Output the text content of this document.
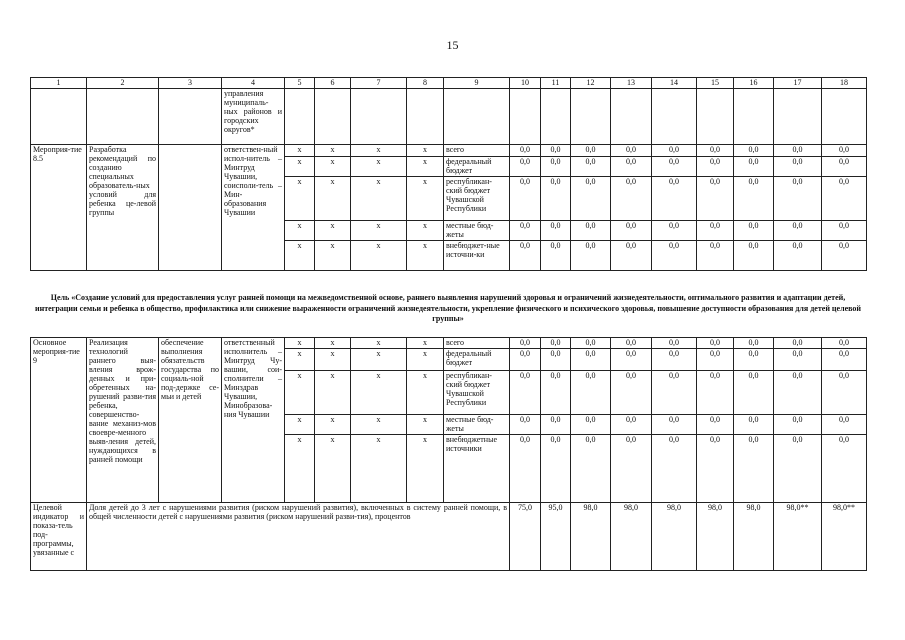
15
1	2	3	4	5	6	7	8	9	10	11	12	13	14	15	16	17	18
			управления муниципаль-ных районов и городских округов*														
Мероприя-тие 8.5	Разработка рекомендаций по созданию специальных образователь-ных условий для ребенка це-левой группы		ответствен-ный испол-нитель – Минтруд Чувашии, соисполи-тель – Мин-образования Чувашии	x	x	x	x	всего	0,0	0,0	0,0	0,0	0,0	0,0	0,0	0,0	0,0
				x	x	x	x	федеральный бюджет	0,0	0,0	0,0	0,0	0,0	0,0	0,0	0,0	0,0
				x	x	x	x	республикан-ский бюджет Чувашской Республики	0,0	0,0	0,0	0,0	0,0	0,0	0,0	0,0	0,0
				x	x	x	x	местные бюд-жеты	0,0	0,0	0,0	0,0	0,0	0,0	0,0	0,0	0,0
				x	x	x	x	внебюджет-ные источни-ки	0,0	0,0	0,0	0,0	0,0	0,0	0,0	0,0	0,0
Цель «Создание условий для предоставления услуг ранней помощи на межведомственной основе, раннего выявления нарушений здоровья и ограничений жизнедеятельности, оптимального развития и адаптации детей, интеграции семьи и ребенка в общество, профилактика или снижение выраженности ограничений жизнедеятельности, укрепление физического и психического здоровья, повышение доступности образования для детей целевой группы»
Основное мероприя-тие 9	Реализация технологий раннего выя-вления врож-денных и при-обретенных на-рушений разви-тия ребенка, совершенство-вание механиз-мов своевре-менного выяв-ления детей, нуждающихся в ранней помощи	обеспечение выполнения обязательств государства по социаль-ной под-держке се-мьи и детей	ответственный исполнитель – Минтруд Чу-вашии, сои-сполнители – Минздрав Чувашии, Минобразова-ния Чувашии	x	x	x	x	всего	0,0	0,0	0,0	0,0	0,0	0,0	0,0	0,0	0,0
				x	x	x	x	федеральный бюджет	0,0	0,0	0,0	0,0	0,0	0,0	0,0	0,0	0,0
				x	x	x	x	республикан-ский бюджет Чувашской Республики	0,0	0,0	0,0	0,0	0,0	0,0	0,0	0,0	0,0
				x	x	x	x	местные бюд-жеты	0,0	0,0	0,0	0,0	0,0	0,0	0,0	0,0	0,0
				x	x	x	x	внебюджетные источники	0,0	0,0	0,0	0,0	0,0	0,0	0,0	0,0	0,0
Целевой индикатор и показа-тель под-программы, увязанные с	Доля детей до 3 лет с нарушениями развития (риском нарушений развития), включенных в систему ранней помощи, в общей численности детей с нарушениями развития (риском нарушений разви-тия), процентов								75,0	95,0	98,0	98,0	98,0	98,0	98,0	98,0**	98,0**
